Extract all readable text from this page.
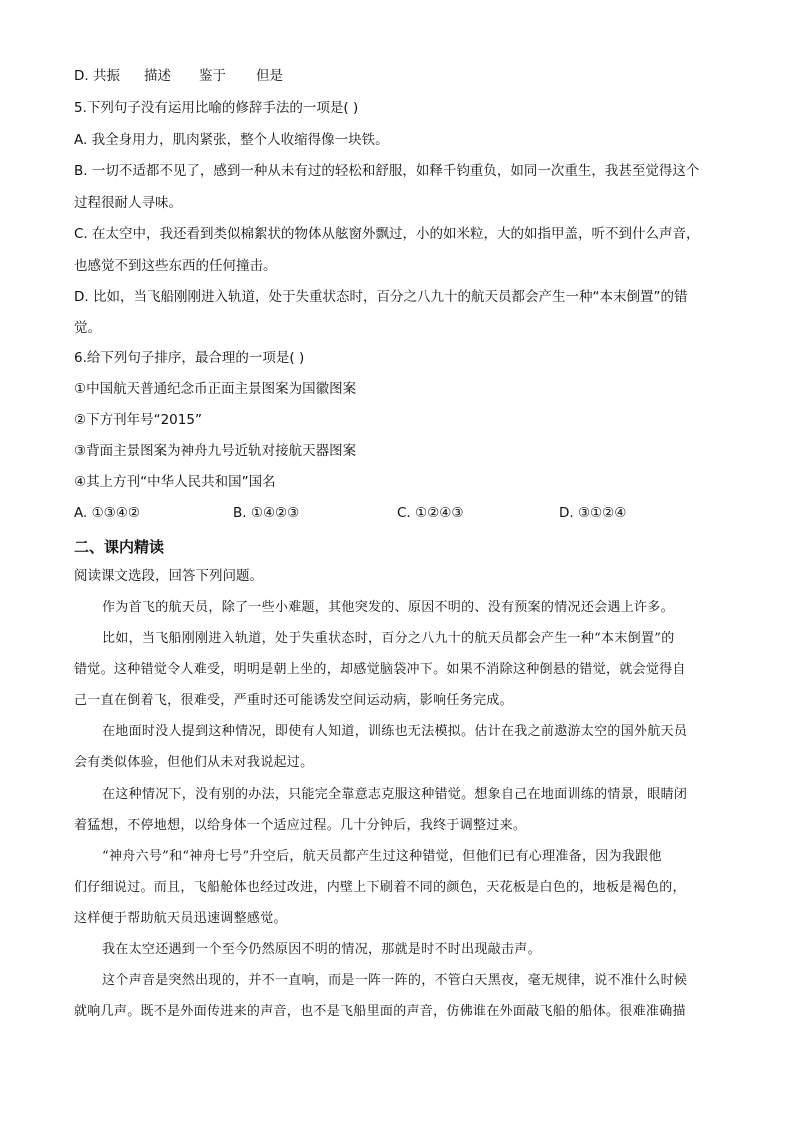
D. 共振 描述 鉴于 但是
5.下列句子没有运用比喻的修辞手法的一项是( )
A. 我全身用力，肌肉紧张，整个人收缩得像一块铁。
B. 一切不适都不见了，感到一种从未有过的轻松和舒服，如释千钧重负，如同一次重生，我甚至觉得这个
过程很耐人寻味。
C. 在太空中，我还看到类似棉絮状的物体从舷窗外飘过，小的如米粒，大的如指甲盖，听不到什么声音，
也感觉不到这些东西的任何撞击。
D. 比如，当飞船刚刚进入轨道，处于失重状态时，百分之八九十的航天员都会产生一种“本末倒置”的错
觉。
6.给下列句子排序，最合理的一项是( )
①中国航天普通纪念币正面主景图案为国徽图案
②下方刊年号“2015”
③背面主景图案为神舟九号近轨对接航天器图案
④其上方刊“中华人民共和国”国名
A. ①③④②	B. ①④②③	C. ①②④③	D. ③①②④
二、课内精读
阅读课文选段，回答下列问题。
作为首飞的航天员，除了一些小难题，其他突发的、原因不明的、没有预案的情况还会遇上许多。
比如，当飞船刚刚进入轨道，处于失重状态时，百分之八九十的航天员都会产生一种“本末倒置”的
错觉。这种错觉令人难受，明明是朝上坐的，却感觉脑袋冲下。如果不消除这种倒悬的错觉，就会觉得自
己一直在倒着飞，很难受，严重时还可能诱发空间运动病，影响任务完成。
在地面时没人提到这种情况，即使有人知道，训练也无法模拟。估计在我之前遨游太空的国外航天员
会有类似体验，但他们从未对我说起过。
在这种情况下，没有别的办法，只能完全靠意志克服这种错觉。想象自己在地面训练的情景，眼睛闭
着猛想，不停地想，以给身体一个适应过程。几十分钟后，我终于调整过来。
“神舟六号”和“神舟七号”升空后，航天员都产生过这种错觉，但他们已有心理准备，因为我跟他
们仔细说过。而且，飞船舱体也经过改进，内壁上下刷着不同的颜色，天花板是白色的，地板是褐色的，
这样便于帮助航天员迅速调整感觉。
我在太空还遇到一个至今仍然原因不明的情况，那就是时不时出现敲击声。
这个声音是突然出现的，并不一直响，而是一阵一阵的，不管白天黑夜，毫无规律，说不准什么时候
就响几声。既不是外面传进来的声音，也不是飞船里面的声音，仿佛谁在外面敲飞船的船体。很难准确描
